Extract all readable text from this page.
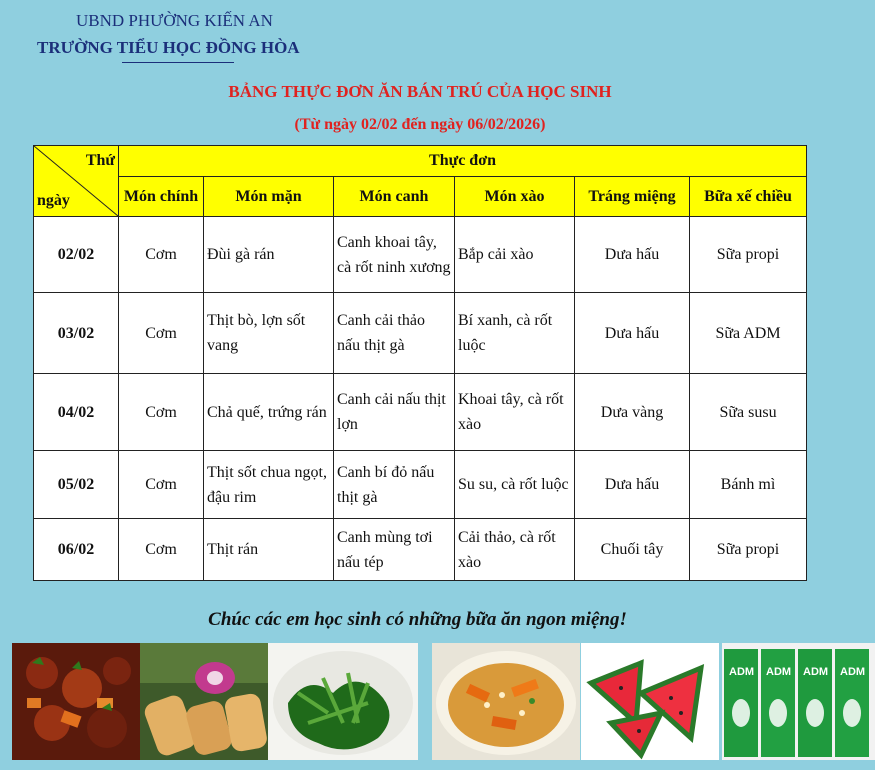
UBND PHƯỜNG KIẾN AN
TRƯỜNG TIỂU HỌC ĐỒNG HÒA
BẢNG THỰC ĐƠN ĂN BÁN TRÚ CỦA HỌC SINH
(Từ ngày 02/02 đến ngày 06/02/2026)
Thứ
ngày	Thực đơn					
	Món chính	Món mặn	Món canh	Món xào	Tráng miệng	Bữa xế chiều
02/02	Cơm	Đùi gà rán	Canh khoai tây, cà rốt ninh xương	Bắp cải xào	Dưa hấu	Sữa propi
03/02	Cơm	Thịt bò, lợn sốt vang	Canh cải thảo nấu thịt gà	Bí xanh, cà rốt luộc	Dưa hấu	Sữa ADM
04/02	Cơm	Chả quế, trứng rán	Canh cải nấu thịt lợn	Khoai tây, cà rốt xào	Dưa vàng	Sữa susu
05/02	Cơm	Thịt sốt chua ngọt, đậu rim	Canh bí đỏ nấu thịt gà	Su su, cà rốt luộc	Dưa hấu	Bánh mì
06/02	Cơm	Thịt rán	Canh mùng tơi nấu tép	Cải thảo, cà rốt xào	Chuối tây	Sữa propi
Chúc các em học sinh có những bữa ăn ngon miệng!
ADM ADM ADM ADM
